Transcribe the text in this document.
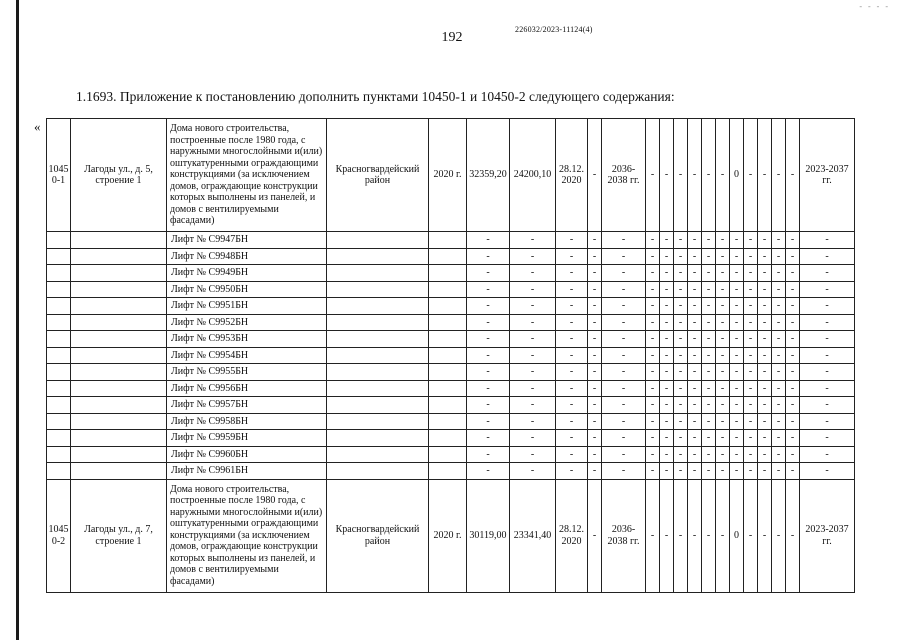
- - - -
226032/2023-11124(4)
192
1.1693. Приложение к постановлению дополнить пунктами 10450-1 и 10450-2 следующего содержания:
«
1045
0-1	Лагоды ул., д. 5, строение 1	Дома нового строительства, построенные после 1980 года, с наружными многослойными и(или) оштукатуренными ограждающими конструкциями (за исключением домов, ограждающие конструкции которых выполнены из панелей, и домов с вентилируемыми фасадами)	Красногвардейский район	2020 г.	32359,20	24200,10	28.12. 2020	-	2036- 2038 гг.	-	-	-	-	-	-	0	-	-	-	-	2023-2037 гг.
		Лифт № С9947БН			-	-	-	-	-	-	-	-	-	-	-	-	-	-	-	-	-
		Лифт № С9948БН			-	-	-	-	-	-	-	-	-	-	-	-	-	-	-	-	-
		Лифт № С9949БН			-	-	-	-	-	-	-	-	-	-	-	-	-	-	-	-	-
		Лифт № С9950БН			-	-	-	-	-	-	-	-	-	-	-	-	-	-	-	-	-
		Лифт № С9951БН			-	-	-	-	-	-	-	-	-	-	-	-	-	-	-	-	-
		Лифт № С9952БН			-	-	-	-	-	-	-	-	-	-	-	-	-	-	-	-	-
		Лифт № С9953БН			-	-	-	-	-	-	-	-	-	-	-	-	-	-	-	-	-
		Лифт № С9954БН			-	-	-	-	-	-	-	-	-	-	-	-	-	-	-	-	-
		Лифт № С9955БН			-	-	-	-	-	-	-	-	-	-	-	-	-	-	-	-	-
		Лифт № С9956БН			-	-	-	-	-	-	-	-	-	-	-	-	-	-	-	-	-
		Лифт № С9957БН			-	-	-	-	-	-	-	-	-	-	-	-	-	-	-	-	-
		Лифт № С9958БН			-	-	-	-	-	-	-	-	-	-	-	-	-	-	-	-	-
		Лифт № С9959БН			-	-	-	-	-	-	-	-	-	-	-	-	-	-	-	-	-
		Лифт № С9960БН			-	-	-	-	-	-	-	-	-	-	-	-	-	-	-	-	-
		Лифт № С9961БН			-	-	-	-	-	-	-	-	-	-	-	-	-	-	-	-	-
1045
0-2	Лагоды ул., д. 7, строение 1	Дома нового строительства, построенные после 1980 года, с наружными многослойными и(или) оштукатуренными ограждающими конструкциями (за исключением домов, ограждающие конструкции которых выполнены из панелей, и домов с вентилируемыми фасадами)	Красногвардейский район	2020 г.	30119,00	23341,40	28.12. 2020	-	2036- 2038 гг.	-	-	-	-	-	-	0	-	-	-	-	2023-2037 гг.
